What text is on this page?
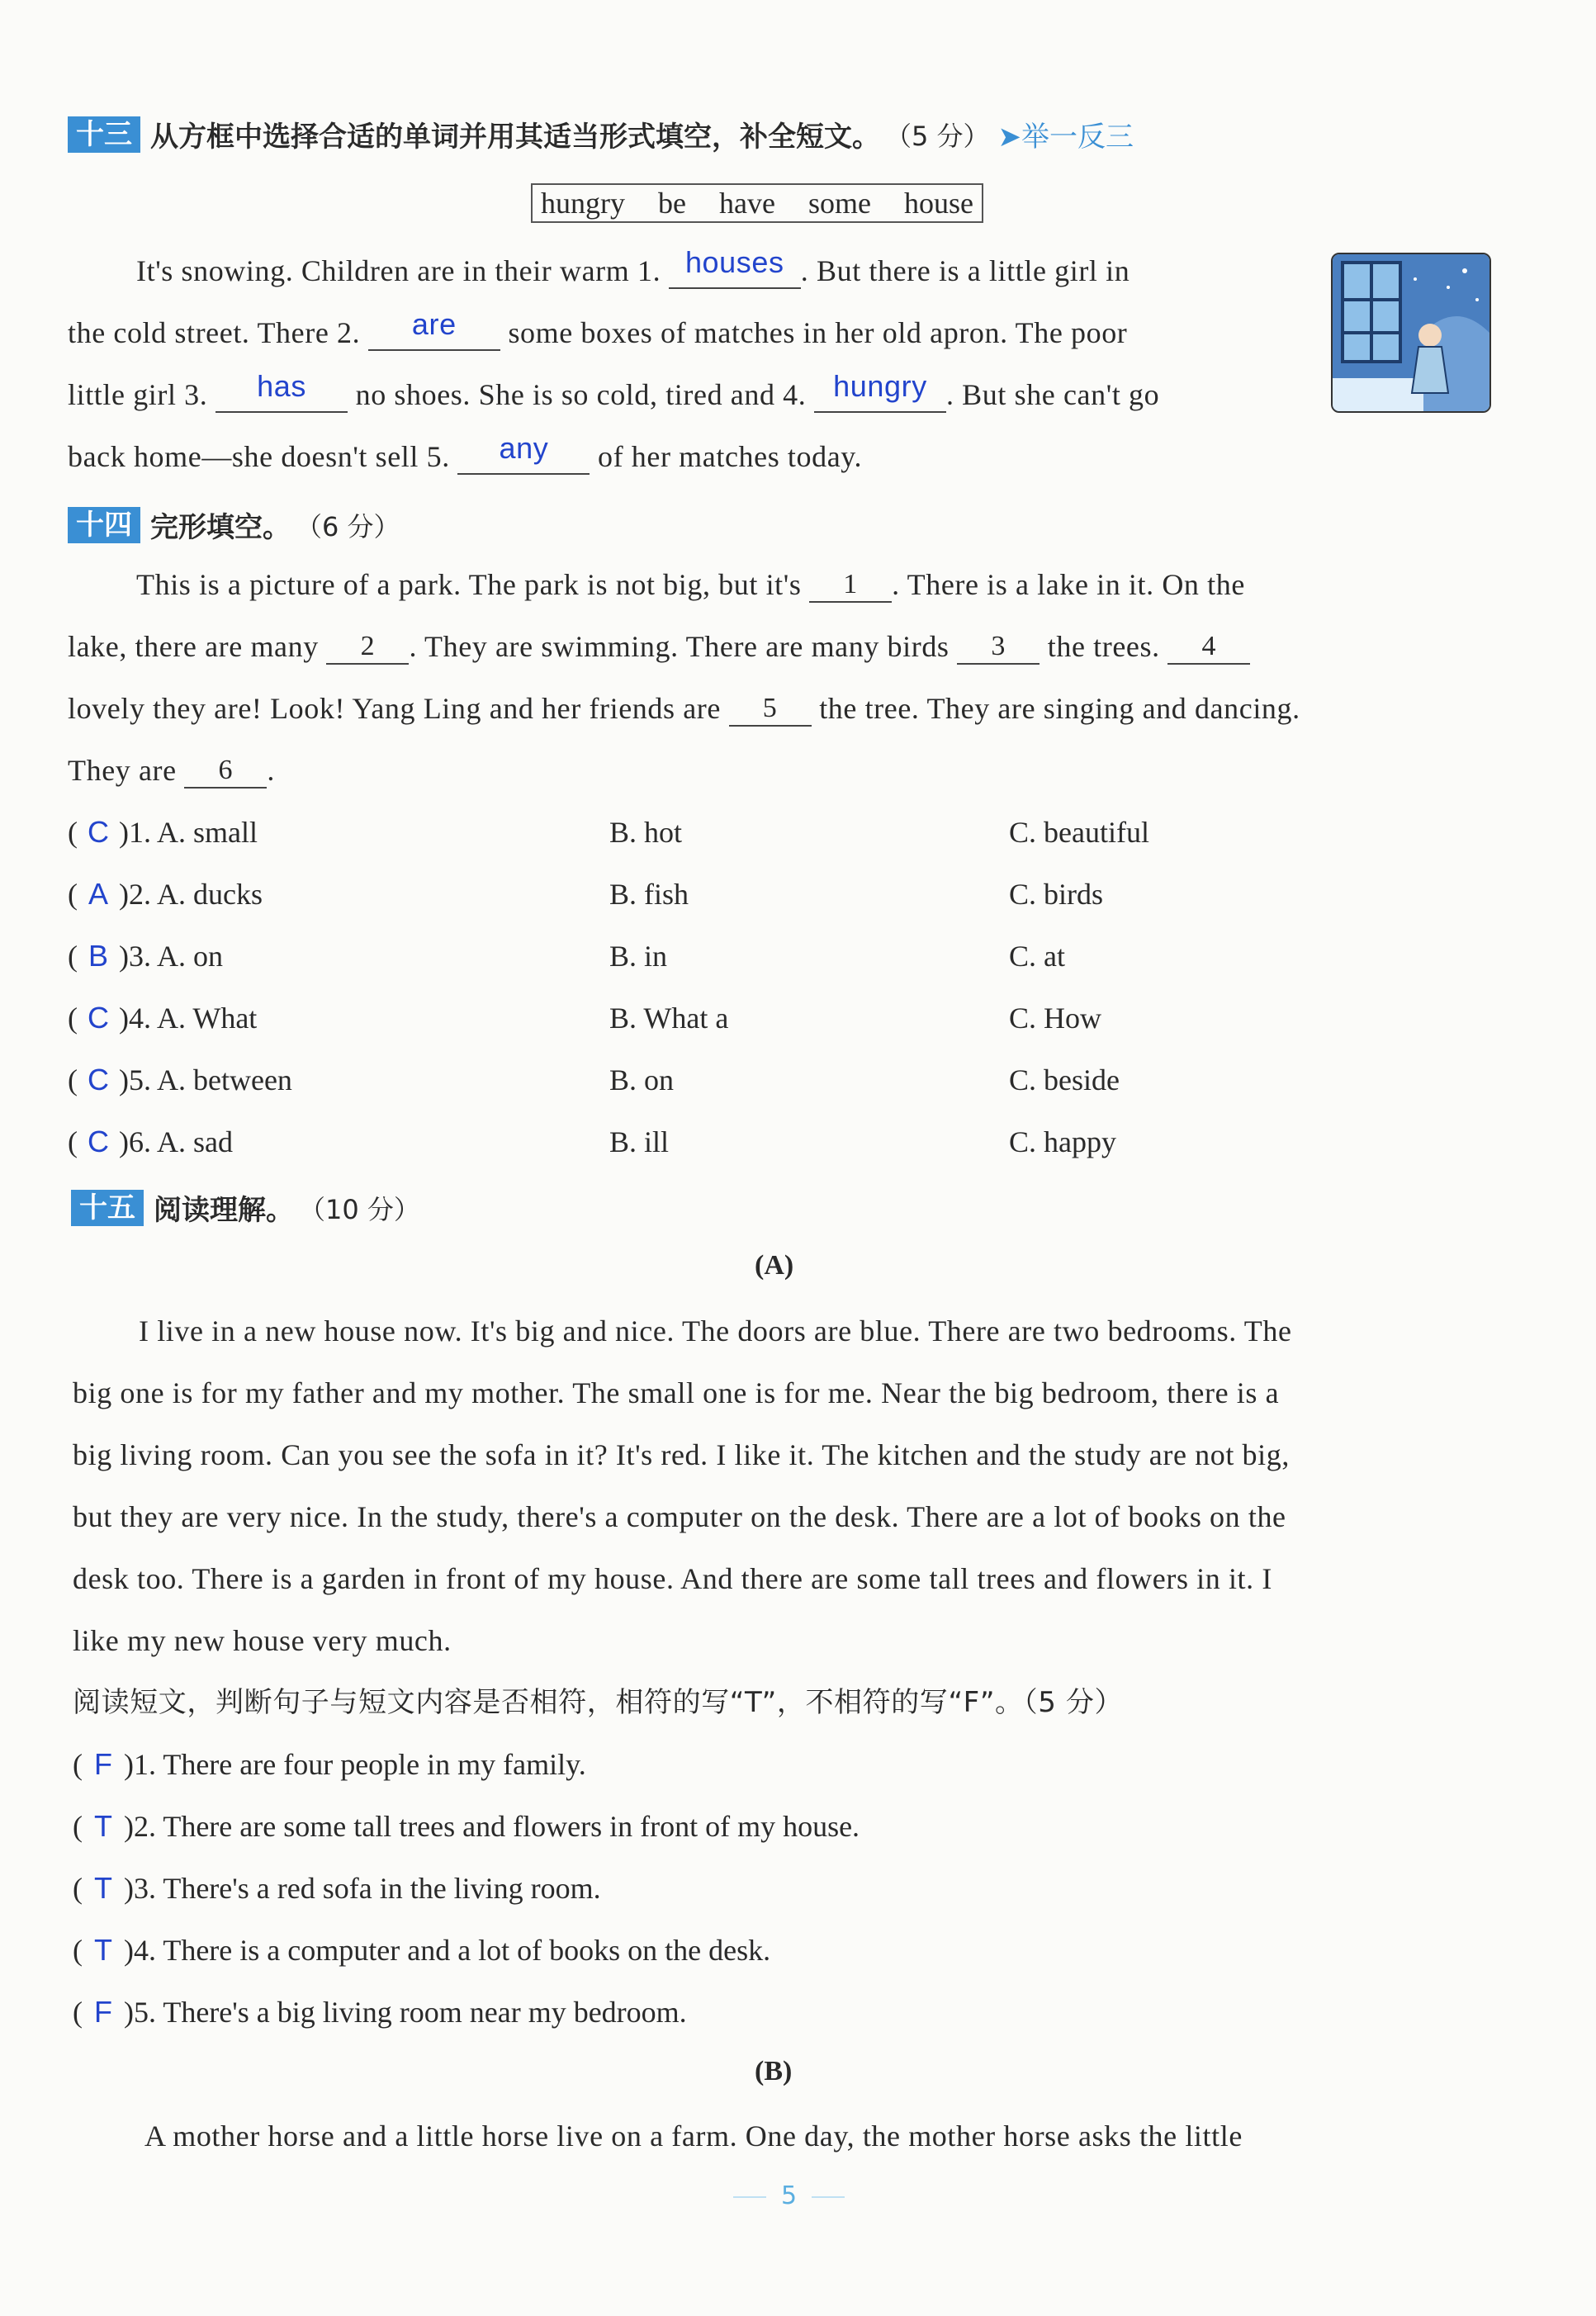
十三 从方框中选择合适的单词并用其适当形式填空，补全短文。 （5 分） ➤举一反三
hungry be have some house
It's snowing. Children are in their warm 1. houses . But there is a little girl in
the cold street. There 2. are some boxes of matches in her old apron. The poor
little girl 3. has no shoes. She is so cold, tired and 4. hungry . But she can't go
back home—she doesn't sell 5. any of her matches today.
十四 完形填空。 （6 分）
This is a picture of a park. The park is not big, but it's 1 . There is a lake in it. On the
lake, there are many 2 . They are swimming. There are many birds 3 the trees. 4
lovely they are! Look! Yang Ling and her friends are 5 the tree. They are singing and dancing.
They are 6 .
( C )1. A. small	B. hot	C. beautiful
( A )2. A. ducks	B. fish	C. birds
( B )3. A. on	B. in	C. at
( C )4. A. What	B. What a	C. How
( C )5. A. between	B. on	C. beside
( C )6. A. sad	B. ill	C. happy
十五 阅读理解。 （10 分）
(A)
I live in a new house now. It's big and nice. The doors are blue. There are two bedrooms. The
big one is for my father and my mother. The small one is for me. Near the big bedroom, there is a
big living room. Can you see the sofa in it? It's red. I like it. The kitchen and the study are not big,
but they are very nice. In the study, there's a computer on the desk. There are a lot of books on the
desk too. There is a garden in front of my house. And there are some tall trees and flowers in it. I
like my new house very much.
阅读短文，判断句子与短文内容是否相符，相符的写“T”，不相符的写“F”。（5 分）
( F )1. There are four people in my family.
( T )2. There are some tall trees and flowers in front of my house.
( T )3. There's a red sofa in the living room.
( T )4. There is a computer and a lot of books on the desk.
( F )5. There's a big living room near my bedroom.
(B)
A mother horse and a little horse live on a farm. One day, the mother horse asks the little
5
